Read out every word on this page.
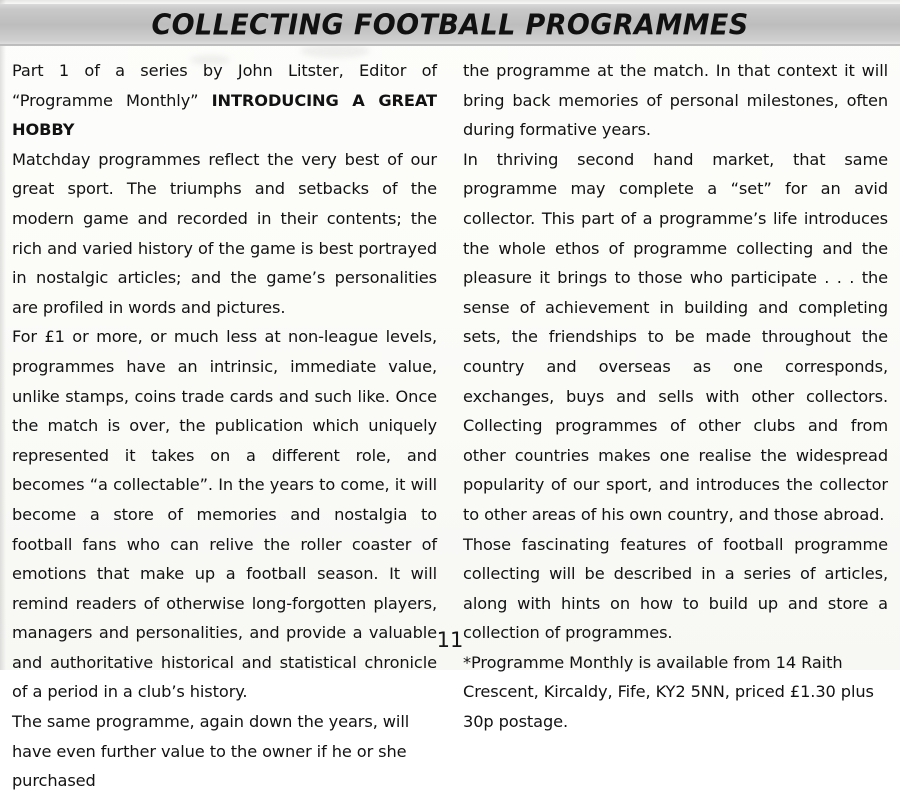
COLLECTING FOOTBALL PROGRAMMES

Part 1 of a series by John Litster, Editor of “Programme Monthly” INTRODUCING A GREAT HOBBY

Matchday programmes reflect the very best of our great sport. The triumphs and setbacks of the modern game and recorded in their contents; the rich and varied history of the game is best portrayed in nostalgic articles; and the game’s personalities are profiled in words and pictures.

For £1 or more, or much less at non-league levels, programmes have an intrinsic, immediate value, unlike stamps, coins trade cards and such like. Once the match is over, the publication which uniquely represented it takes on a different role, and becomes “a collectable”. In the years to come, it will become a store of memories and nostalgia to football fans who can relive the roller coaster of emotions that make up a football season. It will remind readers of otherwise long-forgotten players, managers and personalities, and provide a valuable and authoritative historical and statistical chronicle of a period in a club’s history.

The same programme, again down the years, will have even further value to the owner if he or she purchased

the programme at the match. In that context it will bring back memories of personal milestones, often during formative years.

In thriving second hand market, that same programme may complete a “set” for an avid collector. This part of a programme’s life introduces the whole ethos of programme collecting and the pleasure it brings to those who participate . . . the sense of achievement in building and completing sets, the friendships to be made throughout the country and overseas as one corresponds, exchanges, buys and sells with other collectors. Collecting programmes of other clubs and from other countries makes one realise the widespread popularity of our sport, and introduces the collector to other areas of his own country, and those abroad.

Those fascinating features of football programme collecting will be described in a series of articles, along with hints on how to build up and store a collection of programmes.

*Programme Monthly is available from 14 Raith Crescent, Kircaldy, Fife, KY2 5NN, priced £1.30 plus 30p postage.

11
